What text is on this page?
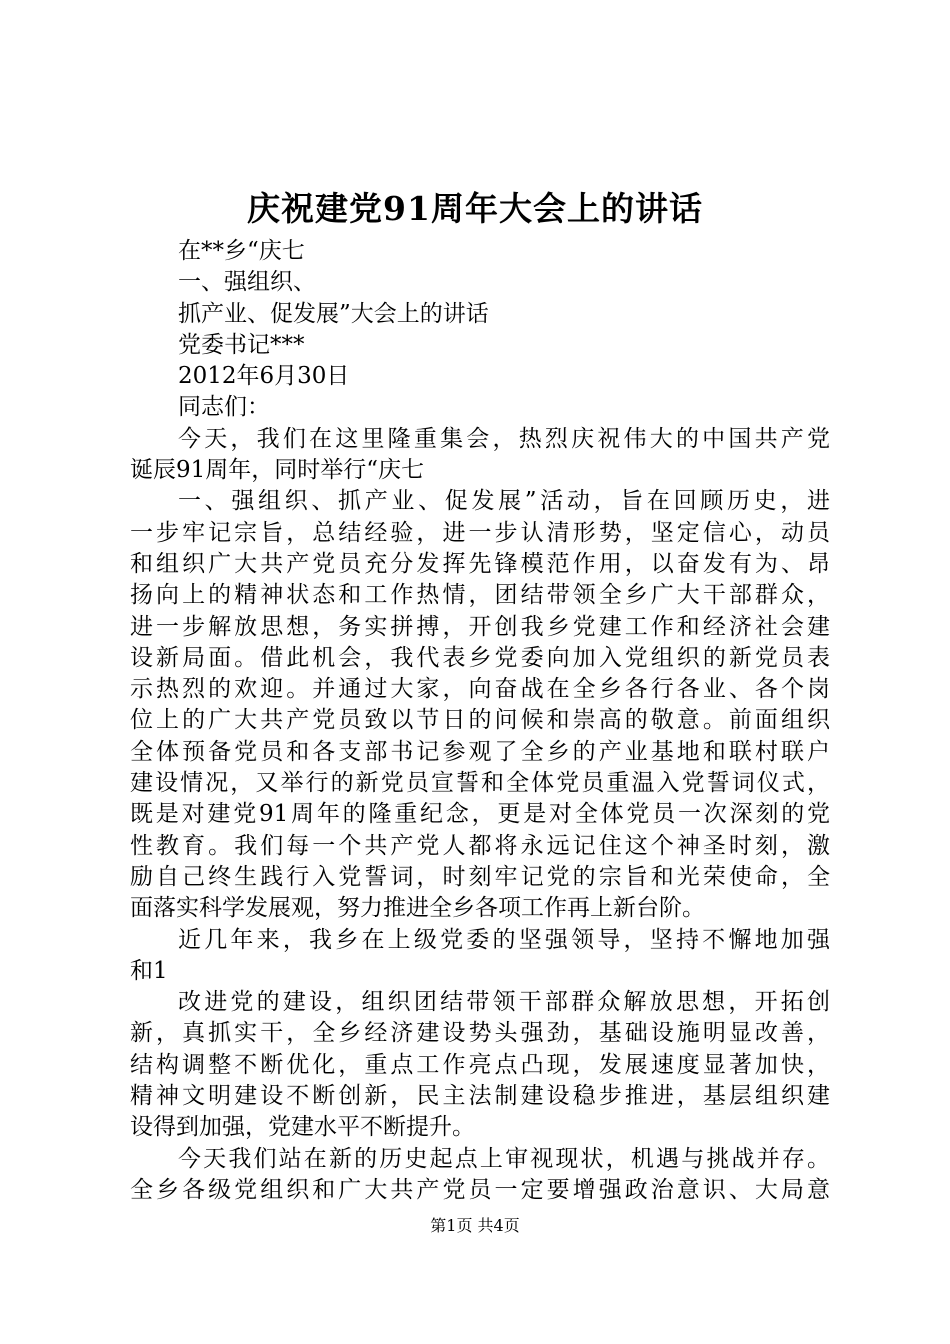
庆祝建党91周年大会上的讲话
在**乡“庆七
一、强组织、
抓产业、促发展”大会上的讲话
党委书记***
2012年6月30日
同志们：
今天，我们在这里隆重集会，热烈庆祝伟大的中国共产党
诞辰91周年，同时举行“庆七
一、强组织、抓产业、促发展”活动，旨在回顾历史，进
一步牢记宗旨，总结经验，进一步认清形势，坚定信心，动员
和组织广大共产党员充分发挥先锋模范作用，以奋发有为、昂
扬向上的精神状态和工作热情，团结带领全乡广大干部群众，
进一步解放思想，务实拼搏，开创我乡党建工作和经济社会建
设新局面。借此机会，我代表乡党委向加入党组织的新党员表
示热烈的欢迎。并通过大家，向奋战在全乡各行各业、各个岗
位上的广大共产党员致以节日的问候和崇高的敬意。前面组织
全体预备党员和各支部书记参观了全乡的产业基地和联村联户
建设情况，又举行的新党员宣誓和全体党员重温入党誓词仪式，
既是对建党91周年的隆重纪念，更是对全体党员一次深刻的党
性教育。我们每一个共产党人都将永远记住这个神圣时刻，激
励自己终生践行入党誓词，时刻牢记党的宗旨和光荣使命，全
面落实科学发展观，努力推进全乡各项工作再上新台阶。
近几年来，我乡在上级党委的坚强领导，坚持不懈地加强
和1
改进党的建设，组织团结带领干部群众解放思想，开拓创
新，真抓实干，全乡经济建设势头强劲，基础设施明显改善，
结构调整不断优化，重点工作亮点凸现，发展速度显著加快，
精神文明建设不断创新，民主法制建设稳步推进，基层组织建
设得到加强，党建水平不断提升。
今天我们站在新的历史起点上审视现状，机遇与挑战并存。
全乡各级党组织和广大共产党员一定要增强政治意识、大局意
第1页 共4页
